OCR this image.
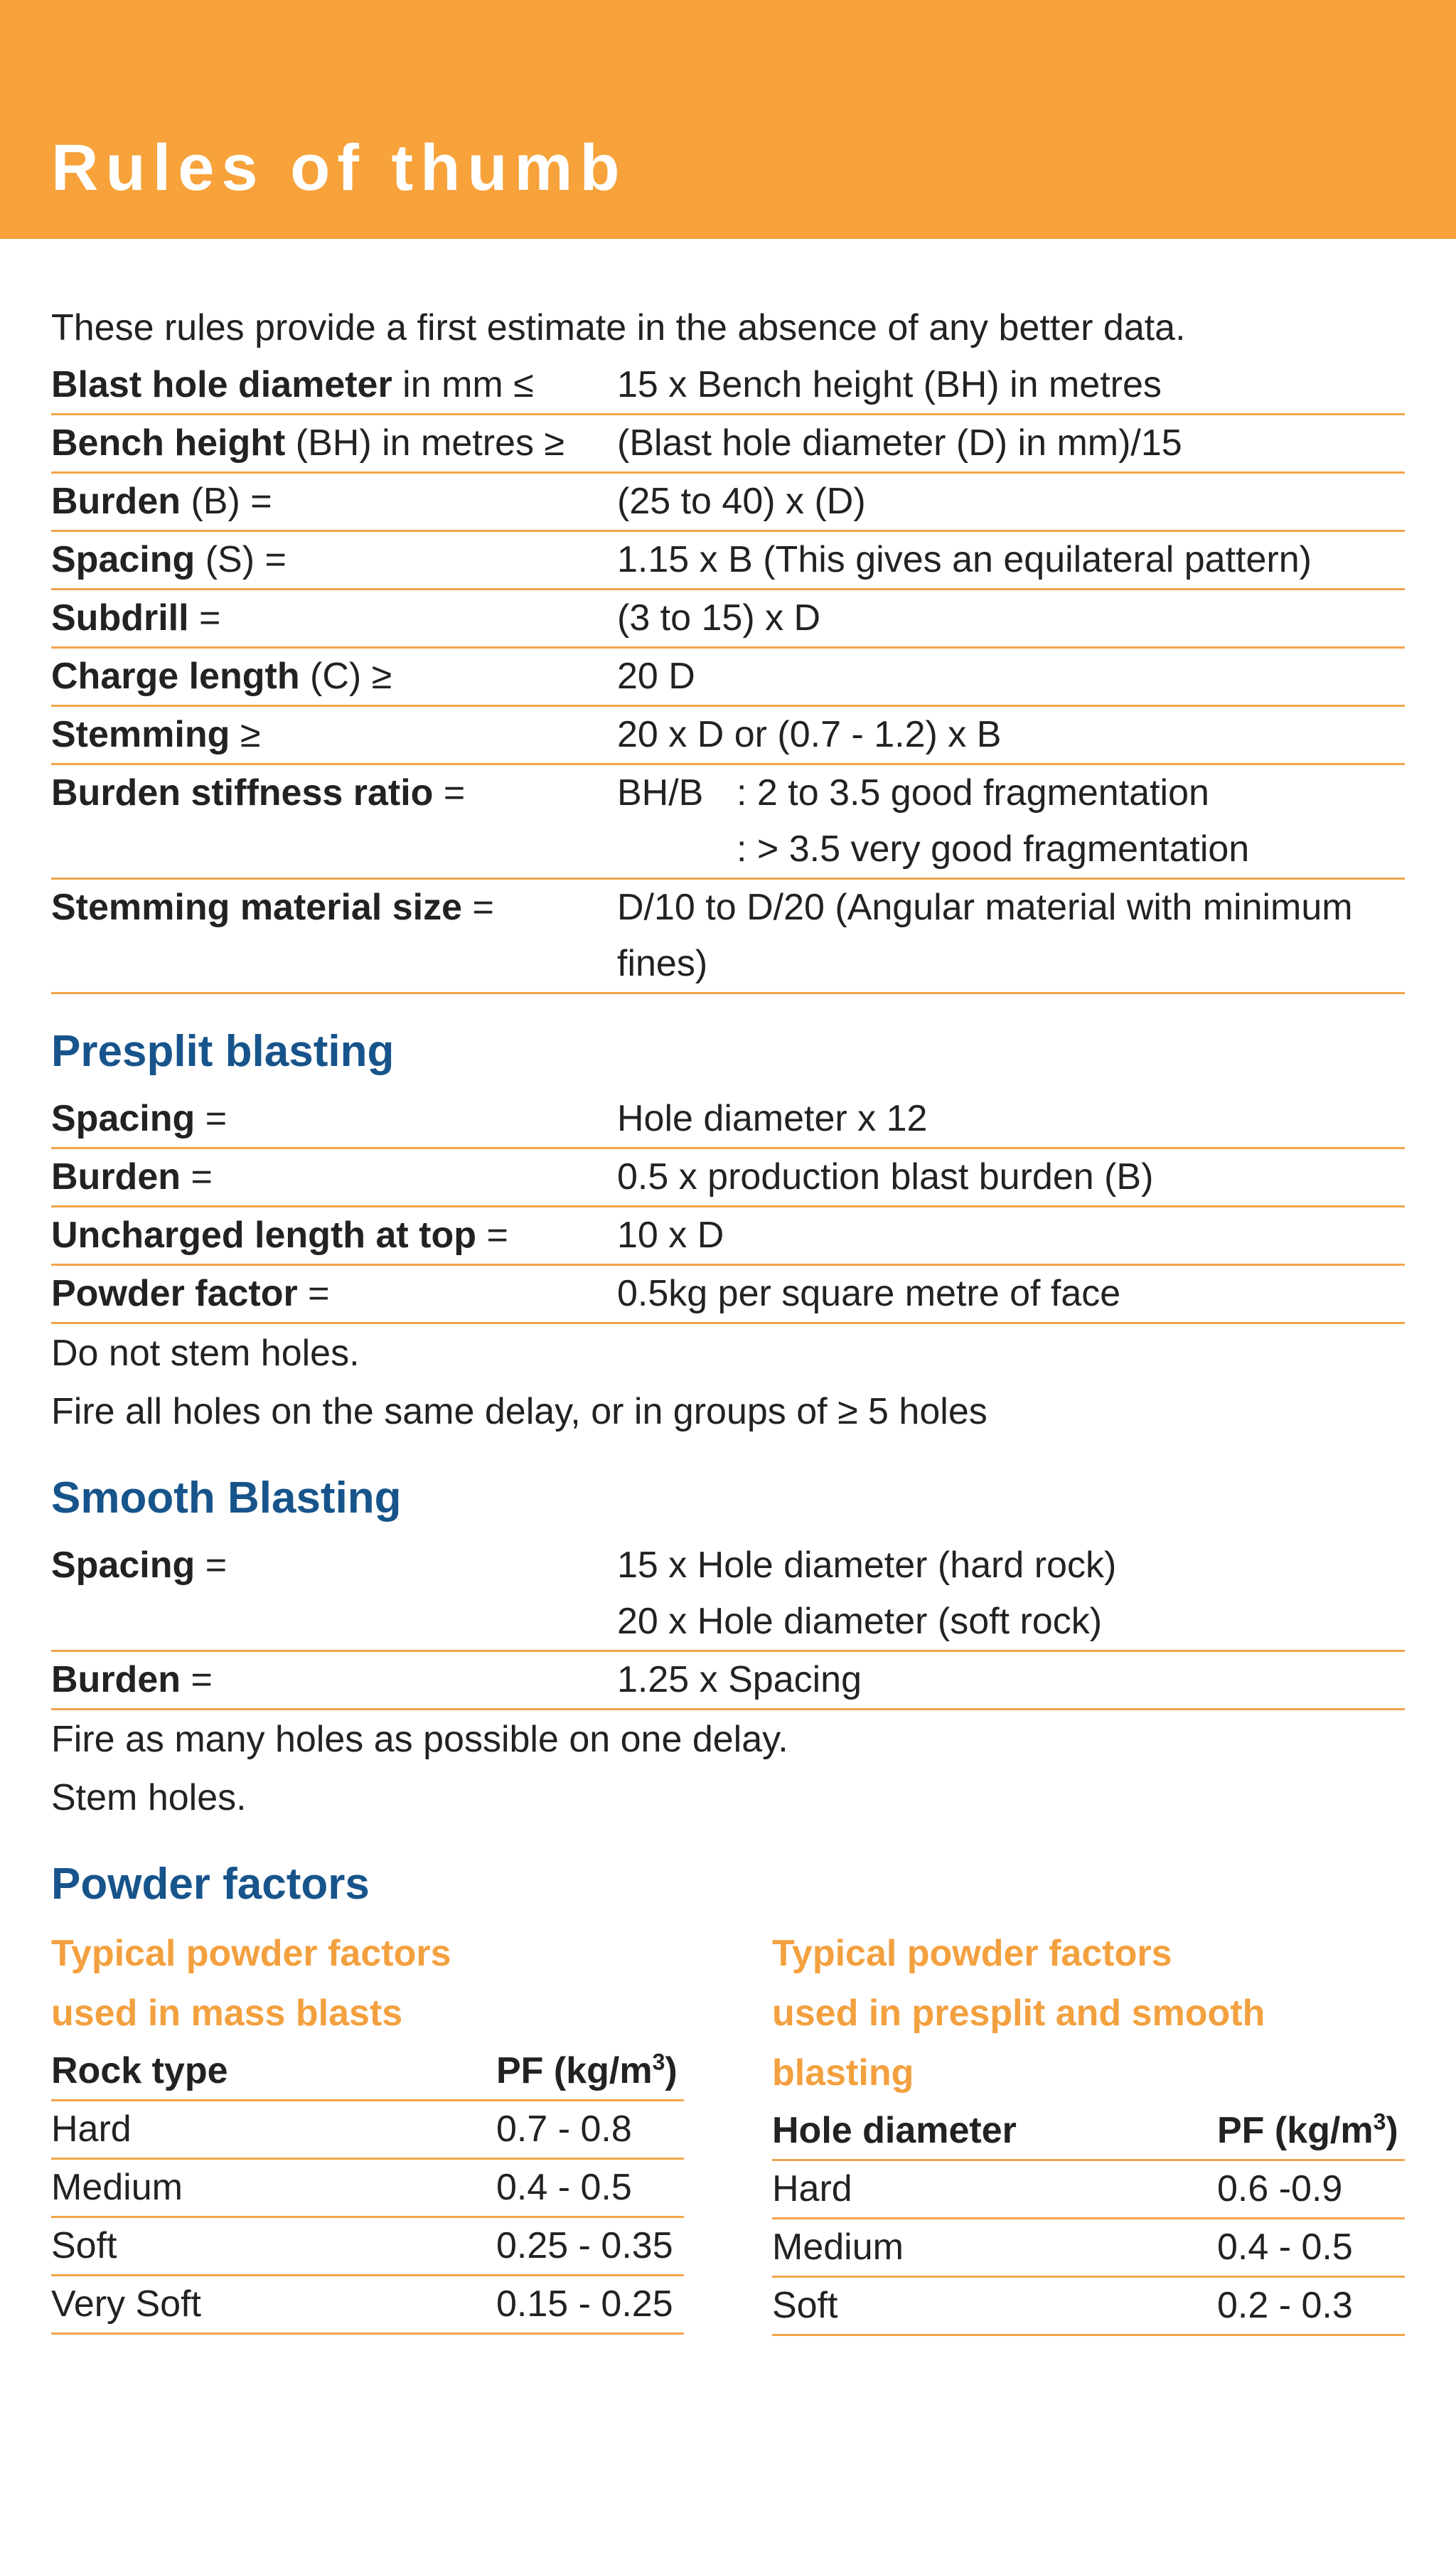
Rules of thumb
These rules provide a first estimate in the absence of any better data.
Blast hole diameter in mm ≤	15 x Bench height (BH) in metres
Bench height (BH) in metres ≥	(Blast hole diameter (D) in mm)/15
Burden (B) =	(25 to 40) x (D)
Spacing (S) =	1.15 x B (This gives an equilateral pattern)
Subdrill =	(3 to 15) x D
Charge length (C) ≥	20 D
Stemming ≥	20 x D or (0.7 - 1.2) x B
Burden stiffness ratio =	BH/B : 2 to 3.5 good fragmentation
: > 3.5 very good fragmentation
Stemming material size =	D/10 to D/20 (Angular material with minimum fines)
Presplit blasting
Spacing =	Hole diameter x 12
Burden =	0.5 x production blast burden (B)
Uncharged length at top =	10 x D
Powder factor =	0.5kg per square metre of face
Do not stem holes.
Fire all holes on the same delay, or in groups of ≥ 5 holes
Smooth Blasting
Spacing =	15 x Hole diameter (hard rock)
20 x Hole diameter (soft rock)
Burden =	1.25 x Spacing
Fire as many holes as possible on one delay.
Stem holes.
Powder factors
Typical powder factors
used in mass blasts
Rock type	PF $(kg/m^3)$
Hard	0.7 - 0.8
Medium	0.4 - 0.5
Soft	0.25 - 0.35
Very Soft	0.15 - 0.25
Typical powder factors
used in presplit and smooth blasting
Hole diameter	PF $(kg/m^3)$
Hard	0.6 -0.9
Medium	0.4 - 0.5
Soft	0.2 - 0.3
